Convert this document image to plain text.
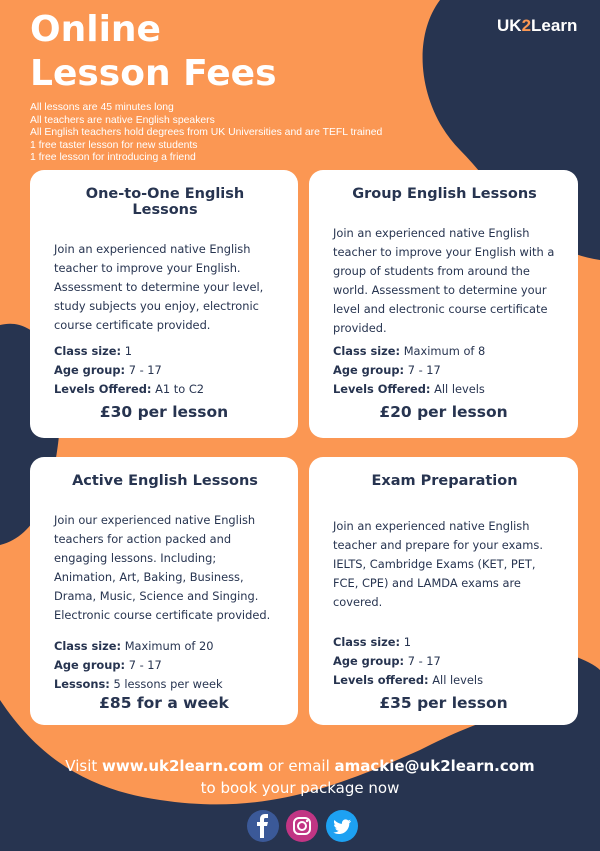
Online
Lesson Fees
UK2Learn
All lessons are 45 minutes long
All teachers are native English speakers
All English teachers hold degrees from UK Universities and are TEFL trained
1 free taster lesson for new students
1 free lesson for introducing a friend
One-to-One English Lessons

Join an experienced native English teacher to improve your English. Assessment to determine your level, study subjects you enjoy, electronic course certificate provided.

Class size: 1
Age group: 7 - 17
Levels Offered: A1 to C2
£30 per lesson
Group English Lessons

Join an experienced native English teacher to improve your English with a group of students from around the world. Assessment to determine your level and electronic course certificate provided.

Class size: Maximum of 8
Age group: 7 - 17
Levels Offered: All levels
£20 per lesson
Active English Lessons

Join our experienced native English teachers for action packed and engaging lessons. Including; Animation, Art, Baking, Business, Drama, Music, Science and Singing. Electronic course certificate provided.

Class size: Maximum of 20
Age group: 7 - 17
Lessons: 5 lessons per week
£85 for a week
Exam Preparation

Join an experienced native English teacher and prepare for your exams. IELTS, Cambridge Exams (KET, PET, FCE, CPE) and LAMDA exams are covered.

Class size: 1
Age group: 7 - 17
Levels offered: All levels
£35 per lesson
Visit www.uk2learn.com or email amackie@uk2learn.com
to book your package now
